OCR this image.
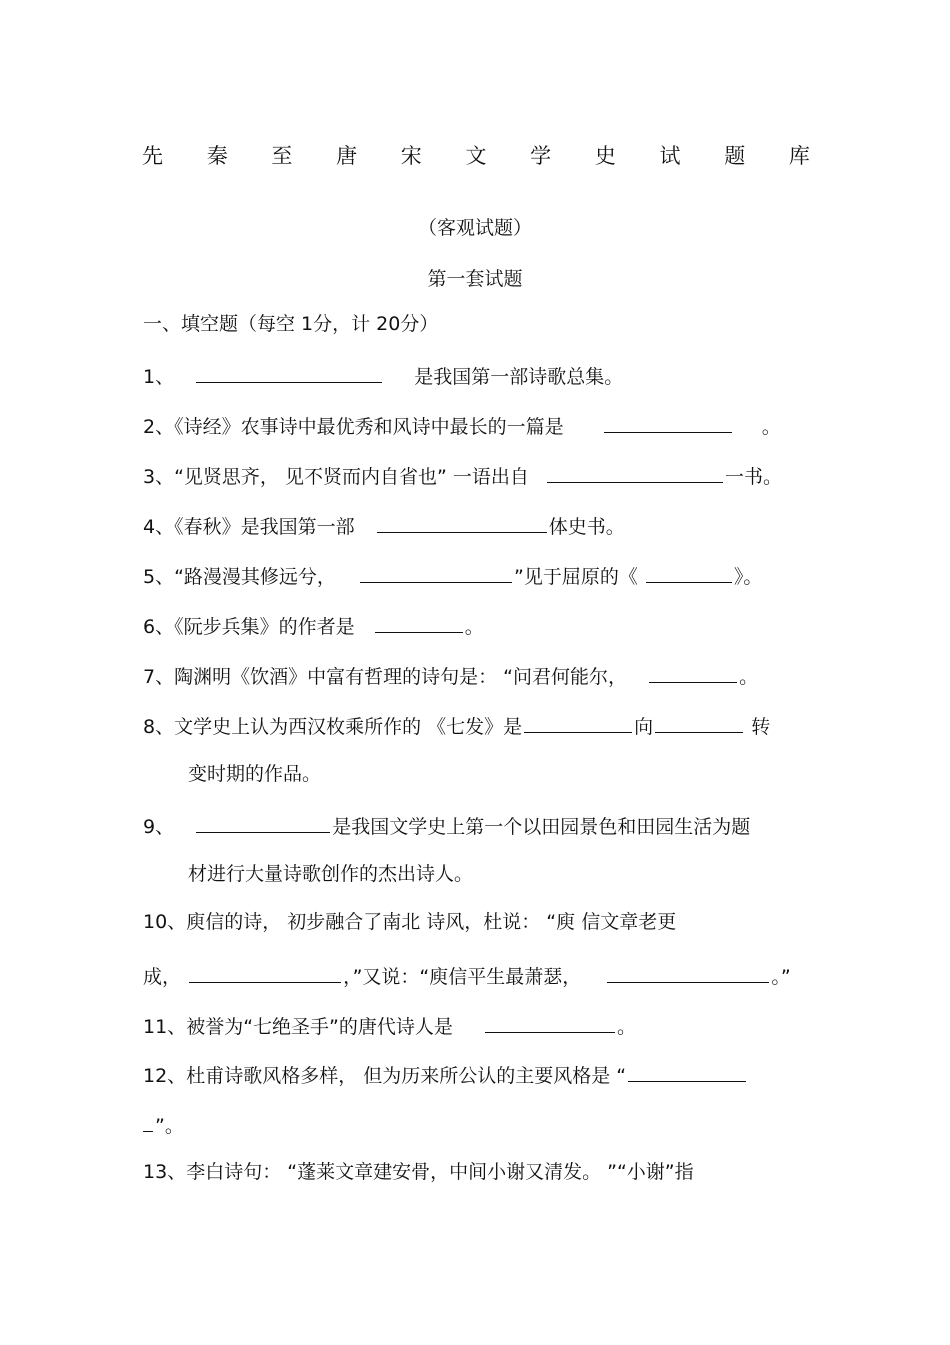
先 秦 至 唐 宋 文 学 史 试 题 库
（客观试题）
第一套试题
一、填空题（每空 1分，计 20分）
1、	是我国第一部诗歌总集。
2、《诗经》农事诗中最优秀和风诗中最长的一篇是	。
3、“见贤思齐， 见不贤而内自省也” 一语出自	一书。
4、《春秋》是我国第一部	体史书。
5、“路漫漫其修远兮，	”见于屈原的《	》。
6、《阮步兵集》的作者是	。
7、陶渊明《饮酒》中富有哲理的诗句是： “问君何能尔，	。
8、文学史上认为西汉枚乘所作的 《七发》是	向	转
变时期的作品。
9、	是我国文学史上第一个以田园景色和田园生活为题
材进行大量诗歌创作的杰出诗人。
10、庾信的诗， 初步融合了南北 诗风，杜说： “庾 信文章老更
成，	，”又说：“庾信平生最萧瑟，	。”
11、被誉为“七绝圣手”的唐代诗人是	。
12、杜甫诗歌风格多样， 但为历来所公认的主要风格是 “
”。
13、李白诗句： “蓬莱文章建安骨，中间小谢又清发。 ”“小谢”指
